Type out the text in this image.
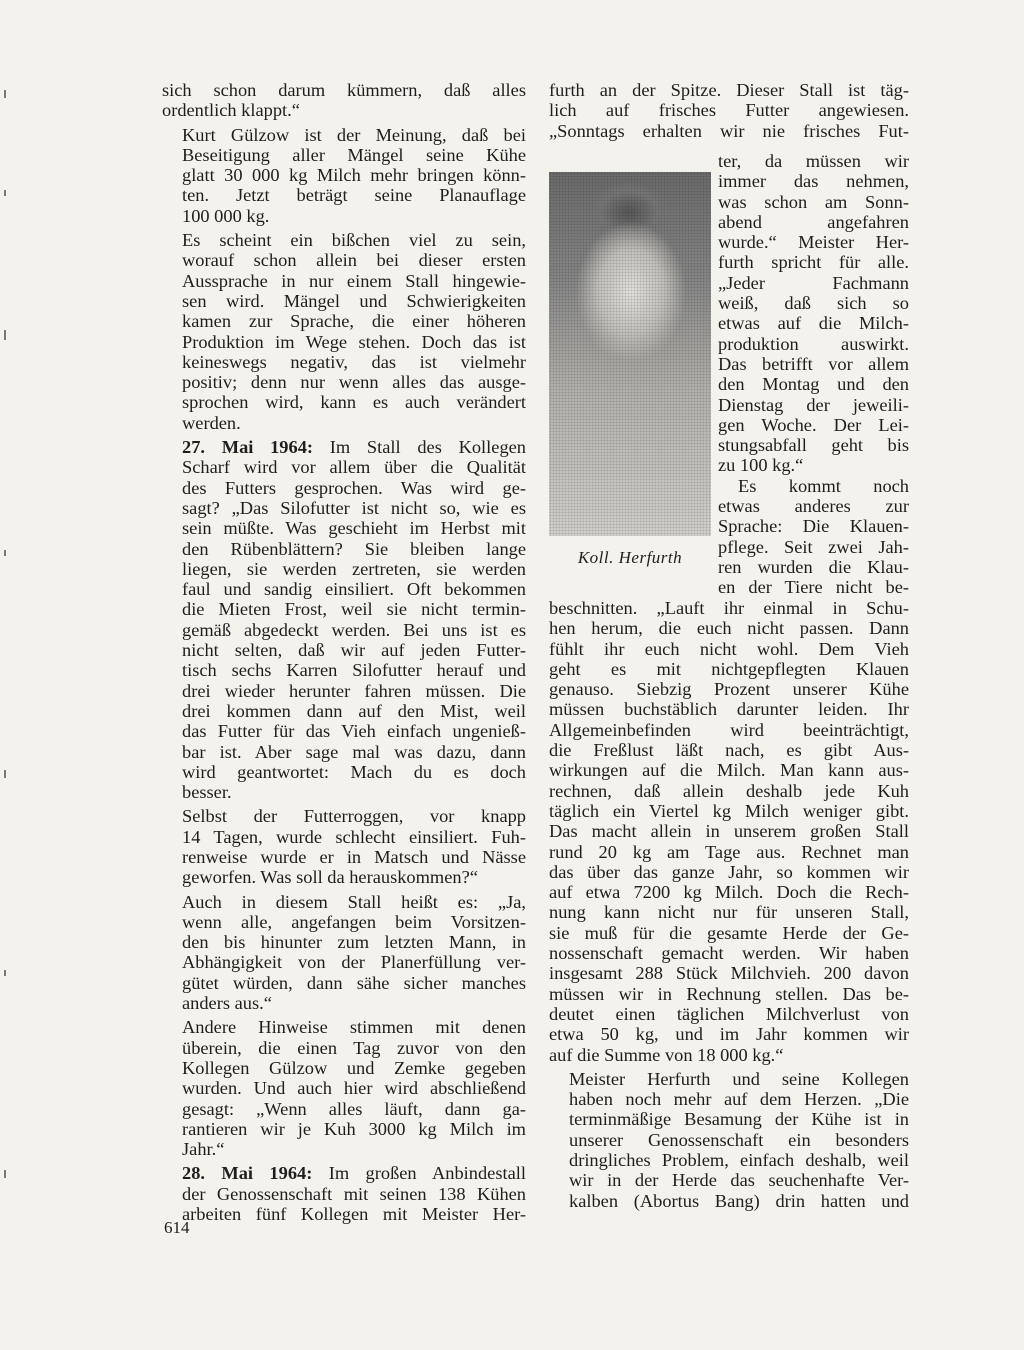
sich schon darum kümmern, daß alles
ordentlich klappt.“

Kurt Gülzow ist der Meinung, daß bei
Beseitigung aller Mängel seine Kühe
glatt 30 000 kg Milch mehr bringen könn-
ten. Jetzt beträgt seine Planauflage
100 000 kg.

Es scheint ein bißchen viel zu sein,
worauf schon allein bei dieser ersten
Aussprache in nur einem Stall hingewie-
sen wird. Mängel und Schwierigkeiten
kamen zur Sprache, die einer höheren
Produktion im Wege stehen. Doch das ist
keineswegs negativ, das ist vielmehr
positiv; denn nur wenn alles das ausge-
sprochen wird, kann es auch verändert
werden.

27. Mai 1964: Im Stall des Kollegen
Scharf wird vor allem über die Qualität
des Futters gesprochen. Was wird ge-
sagt? „Das Silofutter ist nicht so, wie es
sein müßte. Was geschieht im Herbst mit
den Rübenblättern? Sie bleiben lange
liegen, sie werden zertreten, sie werden
faul und sandig einsiliert. Oft bekommen
die Mieten Frost, weil sie nicht termin-
gemäß abgedeckt werden. Bei uns ist es
nicht selten, daß wir auf jeden Futter-
tisch sechs Karren Silofutter herauf und
drei wieder herunter fahren müssen. Die
drei kommen dann auf den Mist, weil
das Futter für das Vieh einfach ungenieß-
bar ist. Aber sage mal was dazu, dann
wird geantwortet: Mach du es doch
besser.

Selbst der Futterroggen, vor knapp
14 Tagen, wurde schlecht einsiliert. Fuh-
renweise wurde er in Matsch und Nässe
geworfen. Was soll da herauskommen?“

Auch in diesem Stall heißt es: „Ja,
wenn alle, angefangen beim Vorsitzen-
den bis hinunter zum letzten Mann, in
Abhängigkeit von der Planerfüllung ver-
gütet würden, dann sähe sicher manches
anders aus.“

Andere Hinweise stimmen mit denen
überein, die einen Tag zuvor von den
Kollegen Gülzow und Zemke gegeben
wurden. Und auch hier wird abschließend
gesagt: „Wenn alles läuft, dann ga-
rantieren wir je Kuh 3000 kg Milch im
Jahr.“

28. Mai 1964: Im großen Anbindestall
der Genossenschaft mit seinen 138 Kühen
arbeiten fünf Kollegen mit Meister Her-

furth an der Spitze. Dieser Stall ist täg-
lich auf frisches Futter angewiesen.
„Sonntags erhalten wir nie frisches Fut-
Koll. Herfurth
ter, da müssen wir
immer das nehmen,
was schon am Sonn-
abend angefahren
wurde.“ Meister Her-
furth spricht für alle.
„Jeder Fachmann
weiß, daß sich so
etwas auf die Milch-
produktion auswirkt.
Das betrifft vor allem
den Montag und den
Dienstag der jeweili-
gen Woche. Der Lei-
stungsabfall geht bis
zu 100 kg.“
Es kommt noch
etwas anderes zur
Sprache: Die Klauen-
pflege. Seit zwei Jah-
ren wurden die Klau-
en der Tiere nicht be-

beschnitten. „Lauft ihr einmal in Schu-
hen herum, die euch nicht passen. Dann
fühlt ihr euch nicht wohl. Dem Vieh
geht es mit nichtgepflegten Klauen
genauso. Siebzig Prozent unserer Kühe
müssen buchstäblich darunter leiden. Ihr
Allgemeinbefinden wird beeinträchtigt,
die Freßlust läßt nach, es gibt Aus-
wirkungen auf die Milch. Man kann aus-
rechnen, daß allein deshalb jede Kuh
täglich ein Viertel kg Milch weniger gibt.
Das macht allein in unserem großen Stall
rund 20 kg am Tage aus. Rechnet man
das über das ganze Jahr, so kommen wir
auf etwa 7200 kg Milch. Doch die Rech-
nung kann nicht nur für unseren Stall,
sie muß für die gesamte Herde der Ge-
nossenschaft gemacht werden. Wir haben
insgesamt 288 Stück Milchvieh. 200 davon
müssen wir in Rechnung stellen. Das be-
deutet einen täglichen Milchverlust von
etwa 50 kg, und im Jahr kommen wir
auf die Summe von 18 000 kg.“

Meister Herfurth und seine Kollegen
haben noch mehr auf dem Herzen. „Die
terminmäßige Besamung der Kühe ist in
unserer Genossenschaft ein besonders
dringliches Problem, einfach deshalb, weil
wir in der Herde das seuchenhafte Ver-
kalben (Abortus Bang) drin hatten und

614
